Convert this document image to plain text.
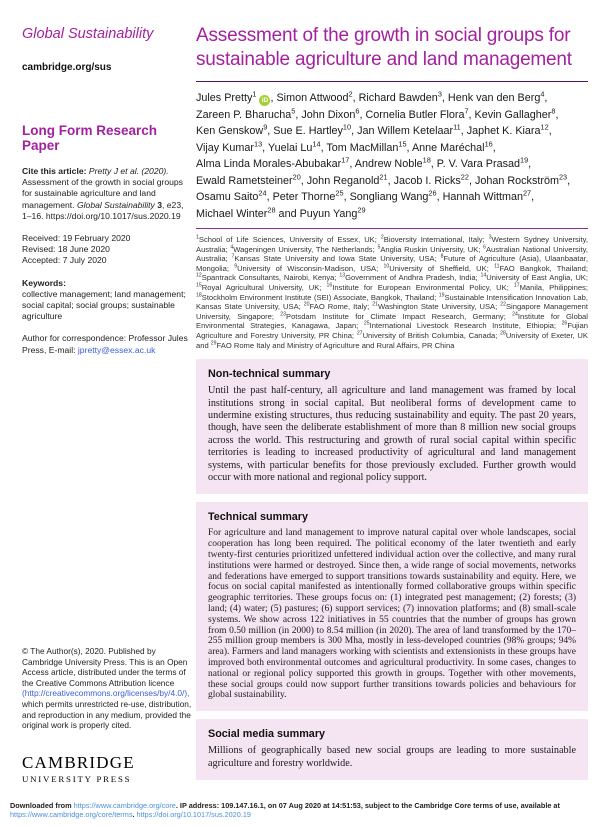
Global Sustainability
cambridge.org/sus
Long Form Research Paper
Cite this article: Pretty J et al. (2020). Assessment of the growth in social groups for sustainable agriculture and land management. Global Sustainability 3, e23, 1–16. https://doi.org/10.1017/sus.2020.19
Received: 19 February 2020
Revised: 18 June 2020
Accepted: 7 July 2020
Keywords:
collective management; land management; social capital; social groups; sustainable agriculture
Author for correspondence: Professor Jules Press, E-mail: jpretty@essex.ac.uk
© The Author(s), 2020. Published by Cambridge University Press. This is an Open Access article, distributed under the terms of the Creative Commons Attribution licence (http://creativecommons.org/licenses/by/4.0/), which permits unrestricted re-use, distribution, and reproduction in any medium, provided the original work is properly cited.
CAMBRIDGE
UNIVERSITY PRESS
Assessment of the growth in social groups for sustainable agriculture and land management
Jules Pretty$^1$iD , Simon Attwood$^2$, Richard Bawden$^3$, Henk van den Berg$^4$,
Zareen P. Bharucha$^5$, John Dixon$^6$, Cornelia Butler Flora$^7$, Kevin Gallagher$^8$,
Ken Genskow$^9$, Sue E. Hartley$^{10}$, Jan Willem Ketelaar$^{11}$, Japhet K. Kiara$^{12}$,
Vijay Kumar$^{13}$, Yuelai Lu$^{14}$, Tom MacMillan$^{15}$, Anne Maréchal$^{16}$,
Alma Linda Morales-Abubakar$^{17}$, Andrew Noble$^{18}$, P. V. Vara Prasad$^{19}$,
Ewald Rametsteiner$^{20}$, John Reganold$^{21}$, Jacob I. Ricks$^{22}$, Johan Rockström$^{23}$,
Osamu Saito$^{24}$, Peter Thorne$^{25}$, Songliang Wang$^{26}$, Hannah Wittman$^{27}$,
Michael Winter$^{28}$ and Puyun Yang$^{29}$
$^1$School of Life Sciences, University of Essex, UK; $^2$Bioversity International, Italy; $^3$Western Sydney University, Australia; $^4$Wageningen University, The Netherlands; $^5$Anglia Ruskin University, UK; $^6$Australian National University, Australia; $^7$Kansas State University and Iowa State University, USA; $^8$Future of Agriculture (Asia), Ulaanbaatar, Mongolia; $^9$University of Wisconsin-Madison, USA; $^{10}$University of Sheffield, UK; $^{11}$FAO Bangkok, Thailand; $^{12}$Spantrack Consultants, Nairobi, Kenya; $^{13}$Government of Andhra Pradesh, India; $^{14}$University of East Anglia, UK; $^{15}$Royal Agricultural University, UK; $^{16}$Institute for European Environmental Policy, UK; $^{17}$Manila, Philippines; $^{18}$Stockholm Environment Institute (SEI) Associate, Bangkok, Thailand; $^{19}$Sustainable Intensification Innovation Lab, Kansas State University, USA; $^{20}$FAO Rome, Italy; $^{21}$Washington State University, USA; $^{22}$Singapore Management University, Singapore; $^{23}$Potsdam Institute for Climate Impact Research, Germany; $^{24}$Institute for Global Environmental Strategies, Kanagawa, Japan; $^{25}$International Livestock Research Institute, Ethiopia; $^{26}$Fujian Agriculture and Forestry University, PR China; $^{27}$University of British Columbia, Canada; $^{28}$University of Exeter, UK and $^{29}$FAO Rome Italy and Ministry of Agriculture and Rural Affairs, PR China
Non-technical summary

Until the past half-century, all agriculture and land management was framed by local institutions strong in social capital. But neoliberal forms of development came to undermine existing structures, thus reducing sustainability and equity. The past 20 years, though, have seen the deliberate establishment of more than 8 million new social groups across the world. This restructuring and growth of rural social capital within specific territories is leading to increased productivity of agricultural and land management systems, with particular benefits for those previously excluded. Further growth would occur with more national and regional policy support.

Technical summary

For agriculture and land management to improve natural capital over whole landscapes, social cooperation has long been required. The political economy of the later twentieth and early twenty-first centuries prioritized unfettered individual action over the collective, and many rural institutions were harmed or destroyed. Since then, a wide range of social movements, networks and federations have emerged to support transitions towards sustainability and equity. Here, we focus on social capital manifested as intentionally formed collaborative groups within specific geographic territories. These groups focus on: (1) integrated pest management; (2) forests; (3) land; (4) water; (5) pastures; (6) support services; (7) innovation platforms; and (8) small-scale systems. We show across 122 initiatives in 55 countries that the number of groups has grown from 0.50 million (in 2000) to 8.54 million (in 2020). The area of land transformed by the 170–255 million group members is 300 Mha, mostly in less-developed countries (98% groups; 94% area). Farmers and land managers working with scientists and extensionists in these groups have improved both environmental outcomes and agricultural productivity. In some cases, changes to national or regional policy supported this growth in groups. Together with other movements, these social groups could now support further transitions towards policies and behaviours for global sustainability.

Social media summary

Millions of geographically based new social groups are leading to more sustainable agriculture and forestry worldwide.

Downloaded from https://www.cambridge.org/core. IP address: 109.147.16.1, on 07 Aug 2020 at 14:51:53, subject to the Cambridge Core terms of use, available at
https://www.cambridge.org/core/terms. https://doi.org/10.1017/sus.2020.19
